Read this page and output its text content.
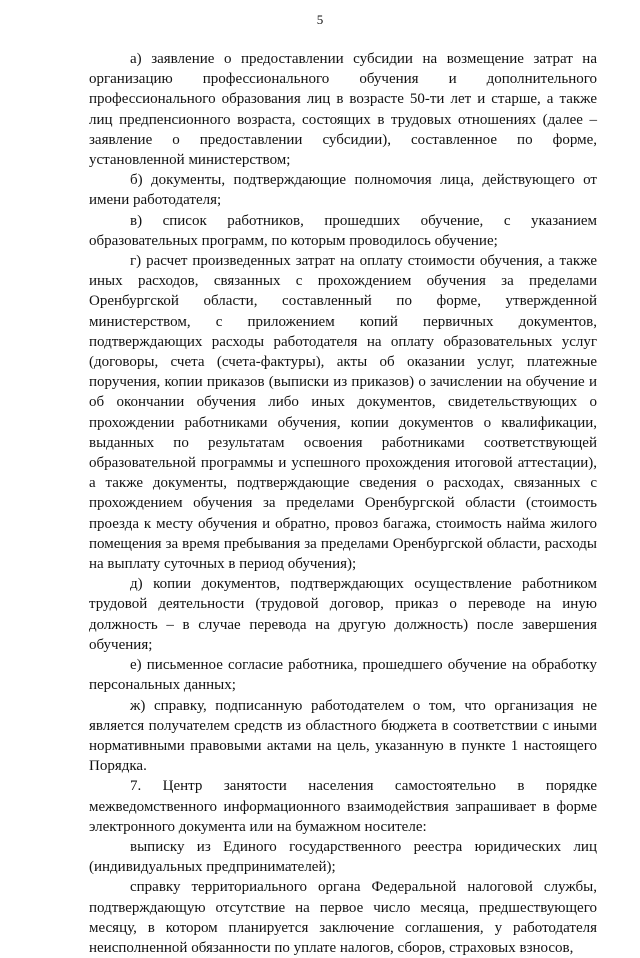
5

а) заявление о предоставлении субсидии на возмещение затрат на организацию профессионального обучения и дополнительного профессионального образования лиц в возрасте 50-ти лет и старше, а также лиц предпенсионного возраста, состоящих в трудовых отношениях (далее – заявление о предоставлении субсидии), составленное по форме, установленной министерством;

б) документы, подтверждающие полномочия лица, действующего от имени работодателя;

в) список работников, прошедших обучение, с указанием образовательных программ, по которым проводилось обучение;

г) расчет произведенных затрат на оплату стоимости обучения, а также иных расходов, связанных с прохождением обучения за пределами Оренбургской области, составленный по форме, утвержденной министерством, с приложением копий первичных документов, подтверждающих расходы работодателя на оплату образовательных услуг (договоры, счета (счета-фактуры), акты об оказании услуг, платежные поручения, копии приказов (выписки из приказов) о зачислении на обучение и об окончании обучения либо иных документов, свидетельствующих о прохождении работниками обучения, копии документов о квалификации, выданных по результатам освоения работниками соответствующей образовательной программы и успешного прохождения итоговой аттестации), а также документы, подтверждающие сведения о расходах, связанных с прохождением обучения за пределами Оренбургской области (стоимость проезда к месту обучения и обратно, провоз багажа, стоимость найма жилого помещения за время пребывания за пределами Оренбургской области, расходы на выплату суточных в период обучения);

д) копии документов, подтверждающих осуществление работником трудовой деятельности (трудовой договор, приказ о переводе на иную должность – в случае перевода на другую должность) после завершения обучения;

е) письменное согласие работника, прошедшего обучение на обработку персональных данных;

ж) справку, подписанную работодателем о том, что организация не является получателем средств из областного бюджета в соответствии с иными нормативными правовыми актами на цель, указанную в пункте 1 настоящего Порядка.

7. Центр занятости населения самостоятельно в порядке межведомственного информационного взаимодействия запрашивает в форме электронного документа или на бумажном носителе:

выписку из Единого государственного реестра юридических лиц (индивидуальных предпринимателей);

справку территориального органа Федеральной налоговой службы, подтверждающую отсутствие на первое число месяца, предшествующего месяцу, в котором планируется заключение соглашения, у работодателя неисполненной обязанности по уплате налогов, сборов, страховых взносов,
